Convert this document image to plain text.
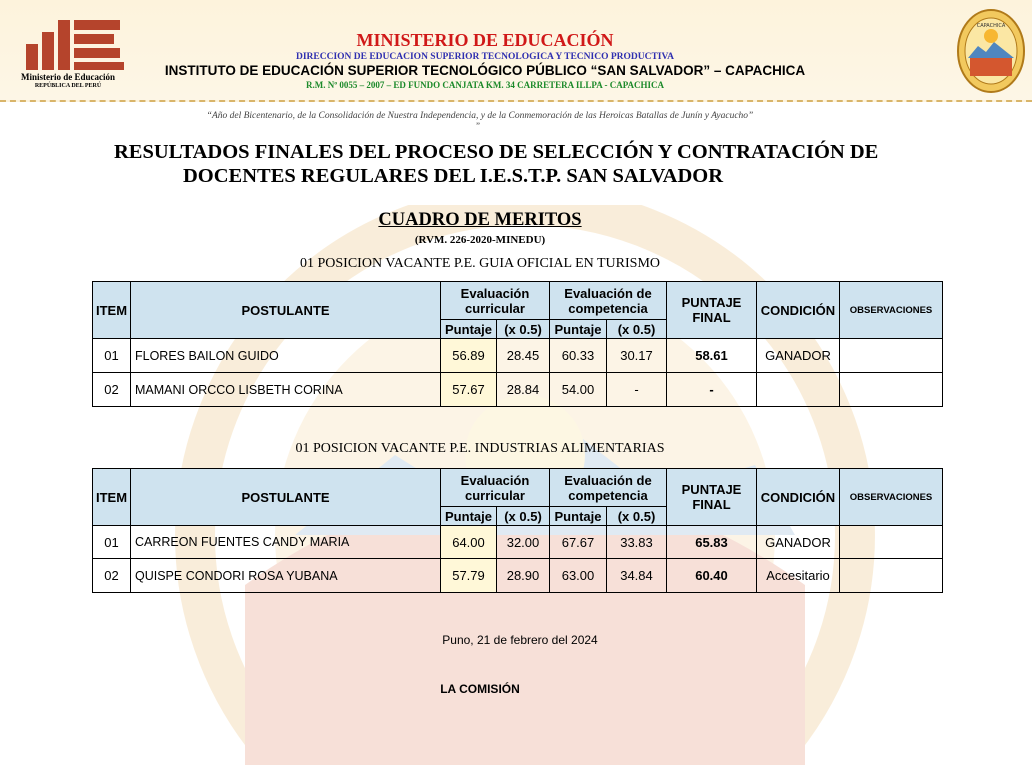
Ministerio de Educación
REPÚBLICA DEL PERÚ
MINISTERIO DE EDUCACIÓN
DIRECCION DE EDUCACION SUPERIOR TECNOLOGICA Y TECNICO PRODUCTIVA
INSTITUTO DE EDUCACIÓN SUPERIOR TECNOLÓGICO PÚBLICO “SAN SALVADOR” – CAPACHICA
R.M. Nº 0055 – 2007 – ED FUNDO CANJATA KM. 34 CARRETERA ILLPA - CAPACHICA
CAPACHICA
“Año del Bicentenario, de la Consolidación de Nuestra Independencia, y de la Conmemoración de las Heroicas Batallas de Junín y Ayacucho”
”
RESULTADOS FINALES DEL PROCESO DE SELECCIÓN Y CONTRATACIÓN DE
DOCENTES REGULARES DEL I.E.S.T.P. SAN SALVADOR
CUADRO DE MERITOS
(RVM. 226-2020-MINEDU)
01 POSICION VACANTE P.E. GUIA OFICIAL EN TURISMO
ITEM	POSTULANTE	Evaluación curricular		Evaluación de competencia		PUNTAJE FINAL	CONDICIÓN	OBSERVACIONES
		Puntaje	(x 0.5)	Puntaje	(x 0.5)			
01	FLORES BAILON GUIDO	56.89	28.45	60.33	30.17	58.61	GANADOR	
02	MAMANI ORCCO LISBETH CORINA	57.67	28.84	54.00	-	-		
01 POSICION VACANTE P.E. INDUSTRIAS ALIMENTARIAS
ITEM	POSTULANTE	Evaluación curricular		Evaluación de competencia		PUNTAJE FINAL	CONDICIÓN	OBSERVACIONES
		Puntaje	(x 0.5)	Puntaje	(x 0.5)			
01	CARREON FUENTES CANDY MARIA	64.00	32.00	67.67	33.83	65.83	GANADOR	
02	QUISPE CONDORI ROSA YUBANA	57.79	28.90	63.00	34.84	60.40	Accesitario	
Puno, 21 de febrero del 2024
LA COMISIÓN
